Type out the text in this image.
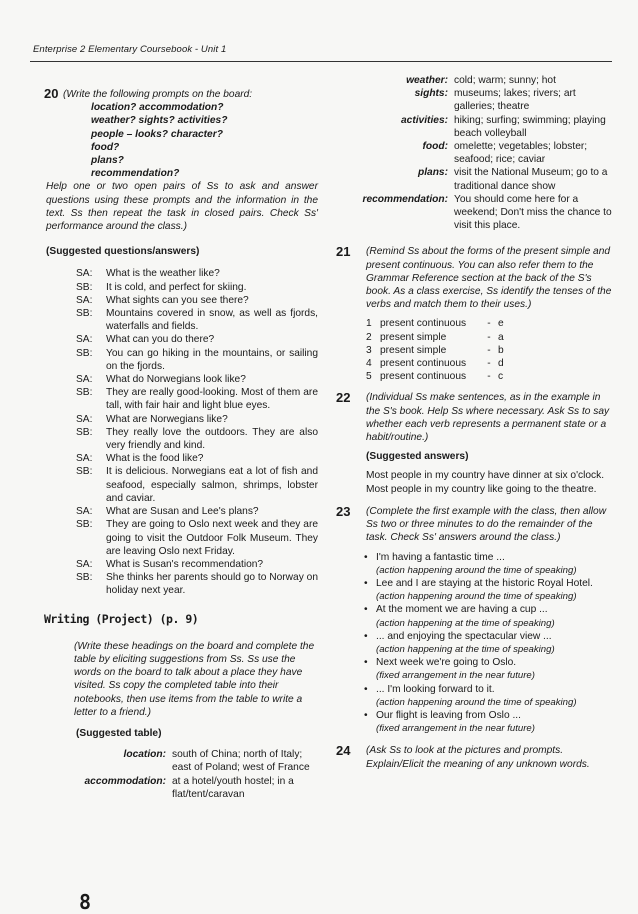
Enterprise 2 Elementary Coursebook - Unit 1
20 (Write the following prompts on the board:
location? accommodation?
weather? sights? activities?
people – looks? character?
food?
plans?
recommendation?
Help one or two open pairs of Ss to ask and answer questions using these prompts and the information in the text. Ss then repeat the task in closed pairs. Check Ss' performance around the class.)
(Suggested questions/answers)
SA:	What is the weather like?
SB:	It is cold, and perfect for skiing.
SA:	What sights can you see there?
SB:	Mountains covered in snow, as well as fjords, waterfalls and fields.
SA:	What can you do there?
SB:	You can go hiking in the mountains, or sailing on the fjords.
SA:	What do Norwegians look like?
SB:	They are really good-looking. Most of them are tall, with fair hair and light blue eyes.
SA:	What are Norwegians like?
SB:	They really love the outdoors. They are also very friendly and kind.
SA:	What is the food like?
SB:	It is delicious. Norwegians eat a lot of fish and seafood, especially salmon, shrimps, lobster and caviar.
SA:	What are Susan and Lee's plans?
SB:	They are going to Oslo next week and they are going to visit the Outdoor Folk Museum. They are leaving Oslo next Friday.
SA:	What is Susan's recommendation?
SB:	She thinks her parents should go to Norway on holiday next year.
Writing (Project) (p. 9)
(Write these headings on the board and complete the table by eliciting suggestions from Ss. Ss use the words on the board to talk about a place they have visited. Ss copy the completed table into their notebooks, then use items from the table to write a letter to a friend.)
(Suggested table)
location: south of China; north of Italy; east of Poland; west of France
accommodation: at a hotel/youth hostel; in a flat/tent/caravan
8
weather: cold; warm; sunny; hot
sights: museums; lakes; rivers; art galleries; theatre
activities: hiking; surfing; swimming; playing beach volleyball
food: omelette; vegetables; lobster; seafood; rice; caviar
plans: visit the National Museum; go to a traditional dance show
recommendation: You should come here for a weekend; Don't miss the chance to visit this place.
21	(Remind Ss about the forms of the present simple and present continuous. You can also refer them to the Grammar Reference section at the back of the S's book. As a class exercise, Ss identify the tenses of the verbs and match them to their uses.)
1 present continuous	- e
2 present simple	- a
3 present simple	- b
4 present continuous	- d
5 present continuous	- c
22	(Individual Ss make sentences, as in the example in the S's book. Help Ss where necessary. Ask Ss to say whether each verb represents a permanent state or a habit/routine.)
(Suggested answers)
Most people in my country have dinner at six o'clock.
Most people in my country like going to the theatre.
23	(Complete the first example with the class, then allow Ss two or three minutes to do the remainder of the task. Check Ss' answers around the class.)
• I'm having a fantastic time ...
(action happening around the time of speaking)
• Lee and I are staying at the historic Royal Hotel.
(action happening around the time of speaking)
• At the moment we are having a cup ...
(action happening at the time of speaking)
• ... and enjoying the spectacular view ...
(action happening at the time of speaking)
• Next week we're going to Oslo.
(fixed arrangement in the near future)
• ... I'm looking forward to it.
(action happening around the time of speaking)
• Our flight is leaving from Oslo ...
(fixed arrangement in the near future)
24	(Ask Ss to look at the pictures and prompts. Explain/Elicit the meaning of any unknown words.
